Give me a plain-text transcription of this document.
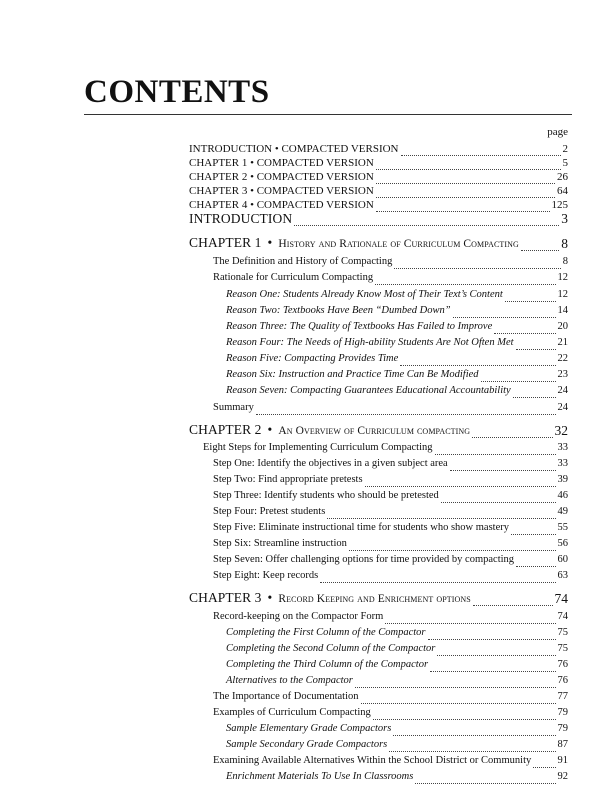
CONTENTS
page
INTRODUCTION • COMPACTED VERSION	2
CHAPTER 1 • COMPACTED VERSION	5
CHAPTER 2 • COMPACTED VERSION	26
CHAPTER 3 • COMPACTED VERSION	64
CHAPTER 4 • COMPACTED VERSION	125
INTRODUCTION	3
CHAPTER 1 • History and Rationale of Curriculum Compacting	8
The Definition and History of Compacting	8
Rationale for Curriculum Compacting	12
Reason One: Students Already Know Most of Their Text’s Content	12
Reason Two: Textbooks Have Been “Dumbed Down”	14
Reason Three: The Quality of Textbooks Has Failed to Improve	20
Reason Four: The Needs of High-ability Students Are Not Often Met	21
Reason Five: Compacting Provides Time	22
Reason Six: Instruction and Practice Time Can Be Modified	23
Reason Seven: Compacting Guarantees Educational Accountability	24
Summary	24
CHAPTER 2 • An Overview of Curriculum compacting	32
Eight Steps for Implementing Curriculum Compacting	33
Step One: Identify the objectives in a given subject area	33
Step Two: Find appropriate pretests	39
Step Three: Identify students who should be pretested	46
Step Four: Pretest students	49
Step Five: Eliminate instructional time for students who show mastery	55
Step Six: Streamline instruction	56
Step Seven: Offer challenging options for time provided by compacting	60
Step Eight: Keep records	63
CHAPTER 3 • Record Keeping and Enrichment options	74
Record-keeping on the Compactor Form	74
Completing the First Column of the Compactor	75
Completing the Second Column of the Compactor	75
Completing the Third Column of the Compactor	76
Alternatives to the Compactor	76
The Importance of Documentation	77
Examples of Curriculum Compacting	79
Sample Elementary Grade Compactors	79
Sample Secondary Grade Compactors	87
Examining Available Alternatives Within the School District or Community	91
Enrichment Materials To Use In Classrooms	92
